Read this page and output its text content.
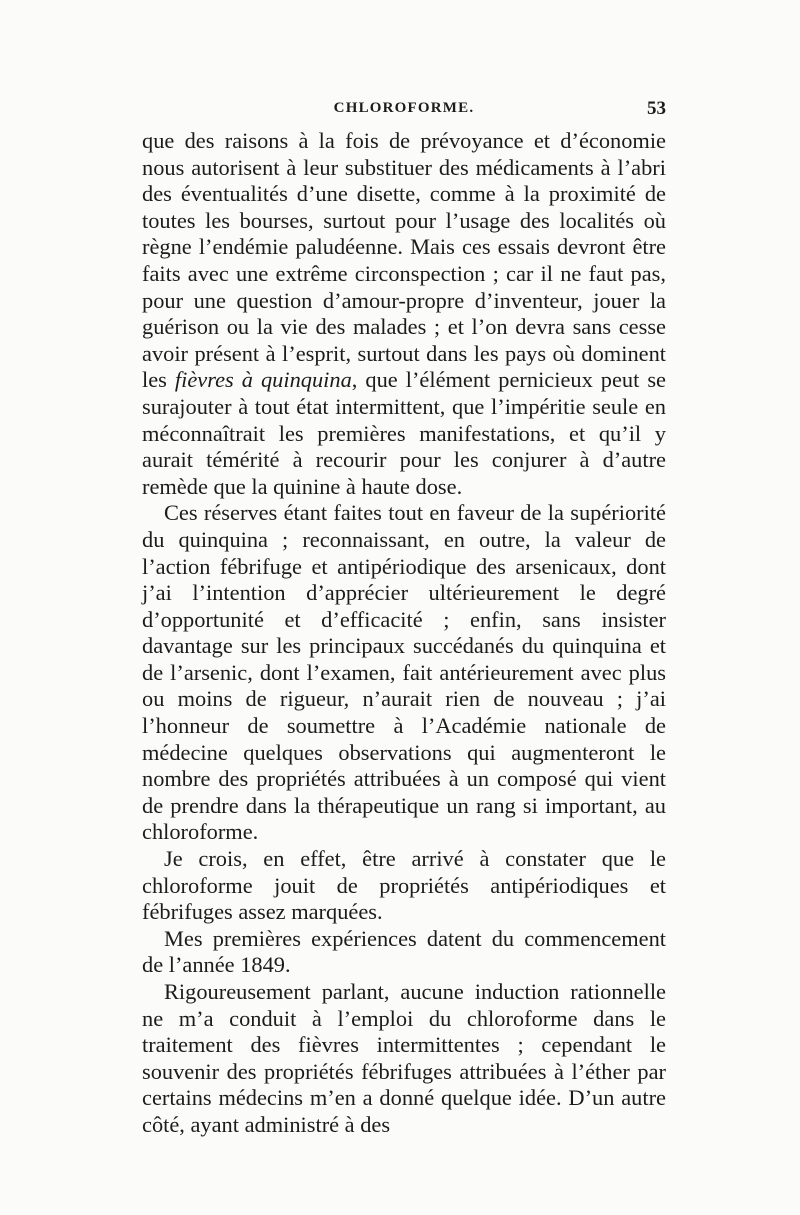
CHLOROFORME.	53

que des raisons à la fois de prévoyance et d’économie nous autorisent à leur substituer des médicaments à l’abri des éventualités d’une disette, comme à la proximité de toutes les bourses, surtout pour l’usage des localités où règne l’endémie paludéenne. Mais ces essais devront être faits avec une extrême circonspection ; car il ne faut pas, pour une question d’amour-propre d’inventeur, jouer la guérison ou la vie des malades ; et l’on devra sans cesse avoir présent à l’esprit, surtout dans les pays où dominent les fièvres à quinquina, que l’élément pernicieux peut se surajouter à tout état intermittent, que l’impéritie seule en méconnaîtrait les premières manifestations, et qu’il y aurait témérité à recourir pour les conjurer à d’autre remède que la quinine à haute dose.

Ces réserves étant faites tout en faveur de la supériorité du quinquina ; reconnaissant, en outre, la valeur de l’action fébrifuge et antipériodique des arsenicaux, dont j’ai l’intention d’apprécier ultérieurement le degré d’opportunité et d’efficacité ; enfin, sans insister davantage sur les principaux succédanés du quinquina et de l’arsenic, dont l’examen, fait antérieurement avec plus ou moins de rigueur, n’aurait rien de nouveau ; j’ai l’honneur de soumettre à l’Académie nationale de médecine quelques observations qui augmenteront le nombre des propriétés attribuées à un composé qui vient de prendre dans la thérapeutique un rang si important, au chloroforme.

Je crois, en effet, être arrivé à constater que le chloroforme jouit de propriétés antipériodiques et fébrifuges assez marquées.

Mes premières expériences datent du commencement de l’année 1849.

Rigoureusement parlant, aucune induction rationnelle ne m’a conduit à l’emploi du chloroforme dans le traitement des fièvres intermittentes ; cependant le souvenir des propriétés fébrifuges attribuées à l’éther par certains médecins m’en a donné quelque idée. D’un autre côté, ayant administré à des
